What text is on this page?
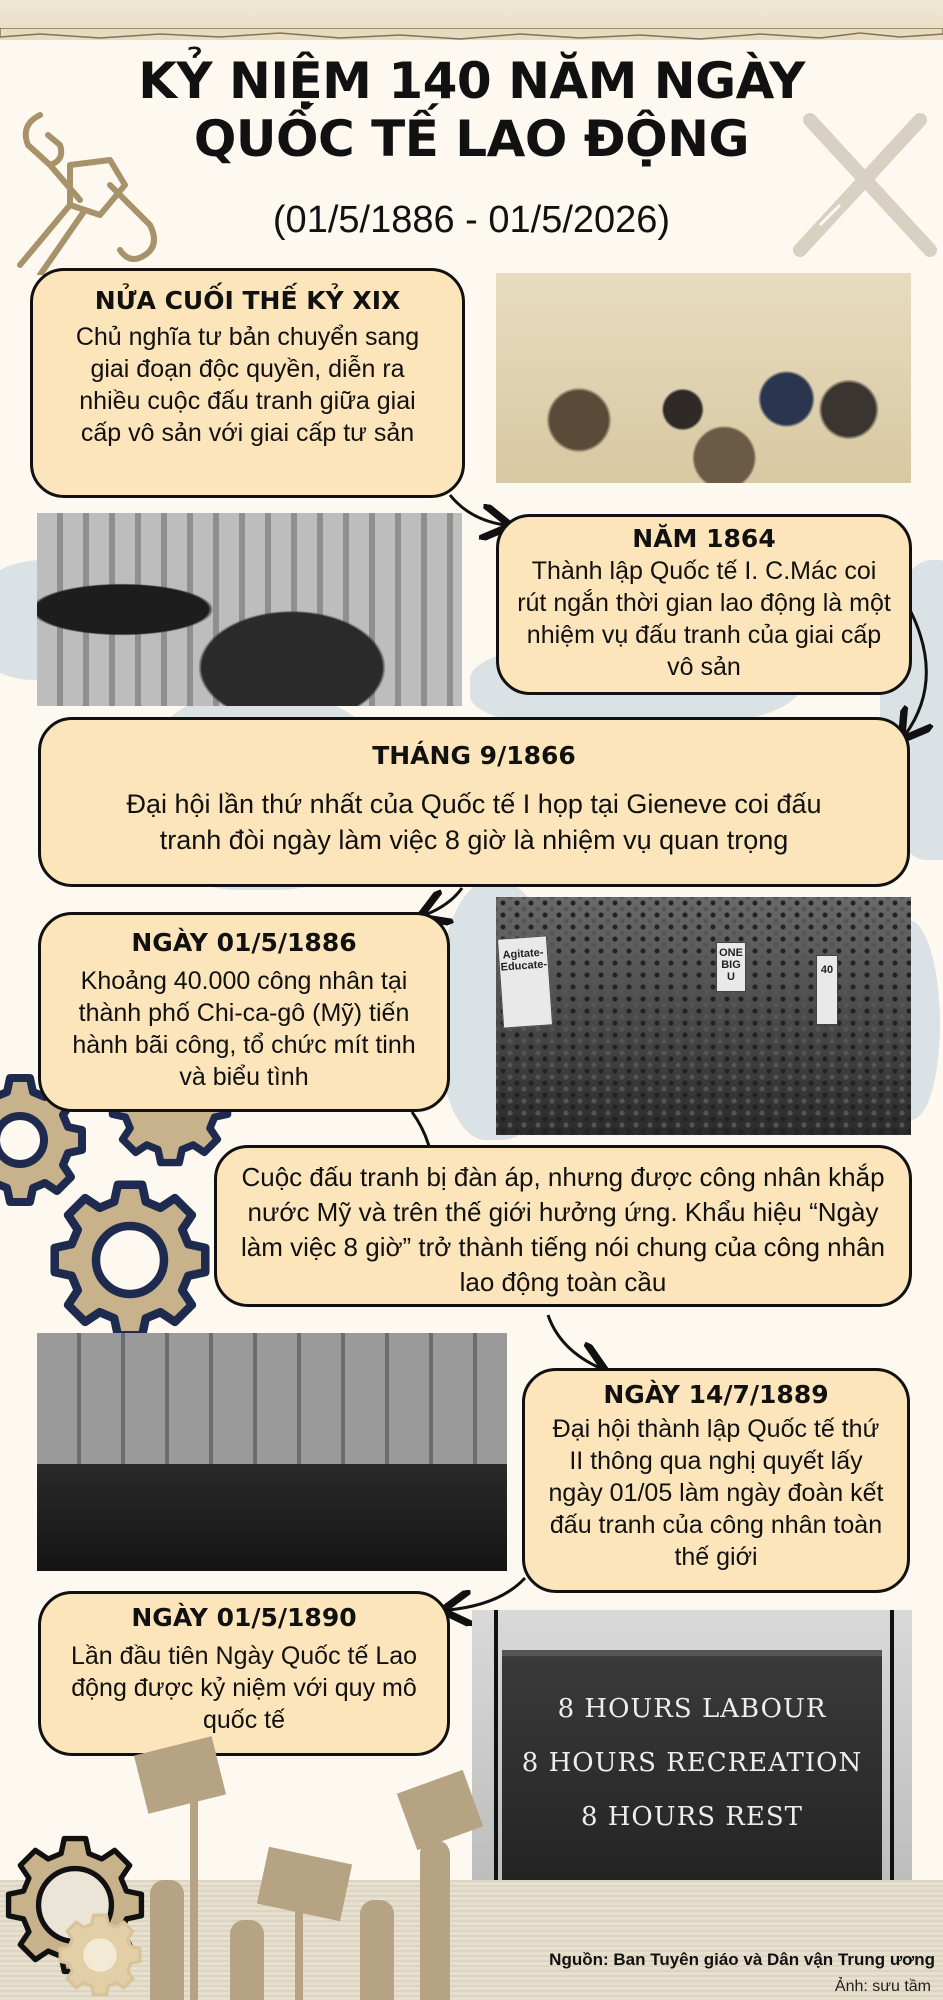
KỶ NIỆM 140 NĂM NGÀY
QUỐC TẾ LAO ĐỘNG
(01/5/1886 - 01/5/2026)
NỬA CUỐI THẾ KỶ XIX
Chủ nghĩa tư bản chuyển sang giai đoạn độc quyền, diễn ra nhiều cuộc đấu tranh giữa giai cấp vô sản với giai cấp tư sản
NĂM 1864
Thành lập Quốc tế I. C.Mác coi rút ngắn thời gian lao động là một nhiệm vụ đấu tranh của giai cấp vô sản
THÁNG 9/1866
Đại hội lần thứ nhất của Quốc tế I họp tại Gieneve coi đấu tranh đòi ngày làm việc 8 giờ là nhiệm vụ quan trọng
NGÀY 01/5/1886
Khoảng 40.000 công nhân tại thành phố Chi-ca-gô (Mỹ) tiến hành bãi công, tổ chức mít tinh và biểu tình
Agitate- Educate-
ONE BIG U
40
Cuộc đấu tranh bị đàn áp, nhưng được công nhân khắp nước Mỹ và trên thế giới hưởng ứng. Khẩu hiệu “Ngày làm việc 8 giờ” trở thành tiếng nói chung của công nhân lao động toàn cầu
NGÀY 14/7/1889
Đại hội thành lập Quốc tế thứ II thông qua nghị quyết lấy ngày 01/05 làm ngày đoàn kết đấu tranh của công nhân toàn thế giới
NGÀY 01/5/1890
Lần đầu tiên Ngày Quốc tế Lao động được kỷ niệm với quy mô quốc tế	8 HOURS LABOUR
8 HOURS RECREATION
8 HOURS REST
Nguồn: Ban Tuyên giáo và Dân vận Trung ương
Ảnh: sưu tầm
